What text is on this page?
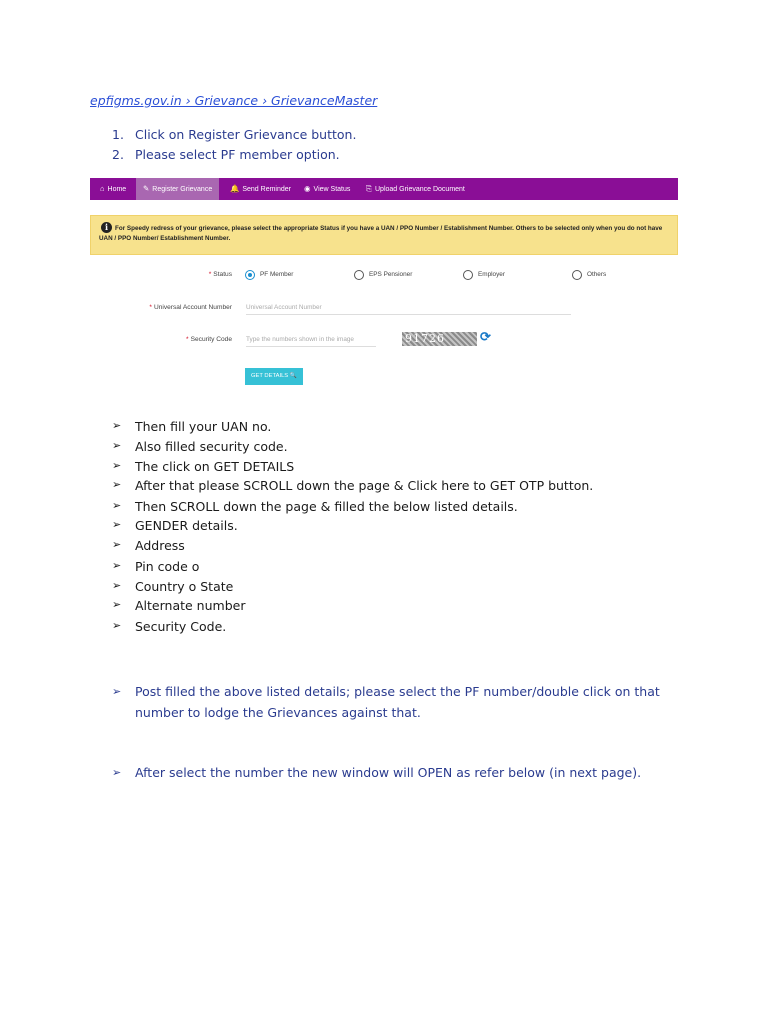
epfigms.gov.in › Grievance › GrievanceMaster
1. Click on Register Grievance button.
2. Please select PF member option.
⌂ Home	✎ Register Grievance	🔔 Send Reminder ◉ View Status ⎘ Upload Grievance Document
i	For Speedy redress of your grievance, please select the appropriate Status if you have a UAN / PPO Number / Establishment Number. Others to be selected only when you do not have UAN / PPO Number/ Establishment Number.
* Status	PF Member	EPS Pensioner	Employer	Others
* Universal Account Number Universal Account Number
* Security Code Type the numbers shown in the image	91726	⟳
GET DETAILS 🔍
➢ Then fill your UAN no.
➢ Also filled security code.
➢ The click on GET DETAILS
➢ After that please SCROLL down the page & Click here to GET OTP button.
➢ Then SCROLL down the page & filled the below listed details.
➢ GENDER details.
➢ Address
➢ Pin code o
➢ Country o State
➢ Alternate number
➢ Security Code.
➢ Post filled the above listed details; please select the PF number/double click on that number to lodge the Grievances against that.
➢ After select the number the new window will OPEN as refer below (in next page).
